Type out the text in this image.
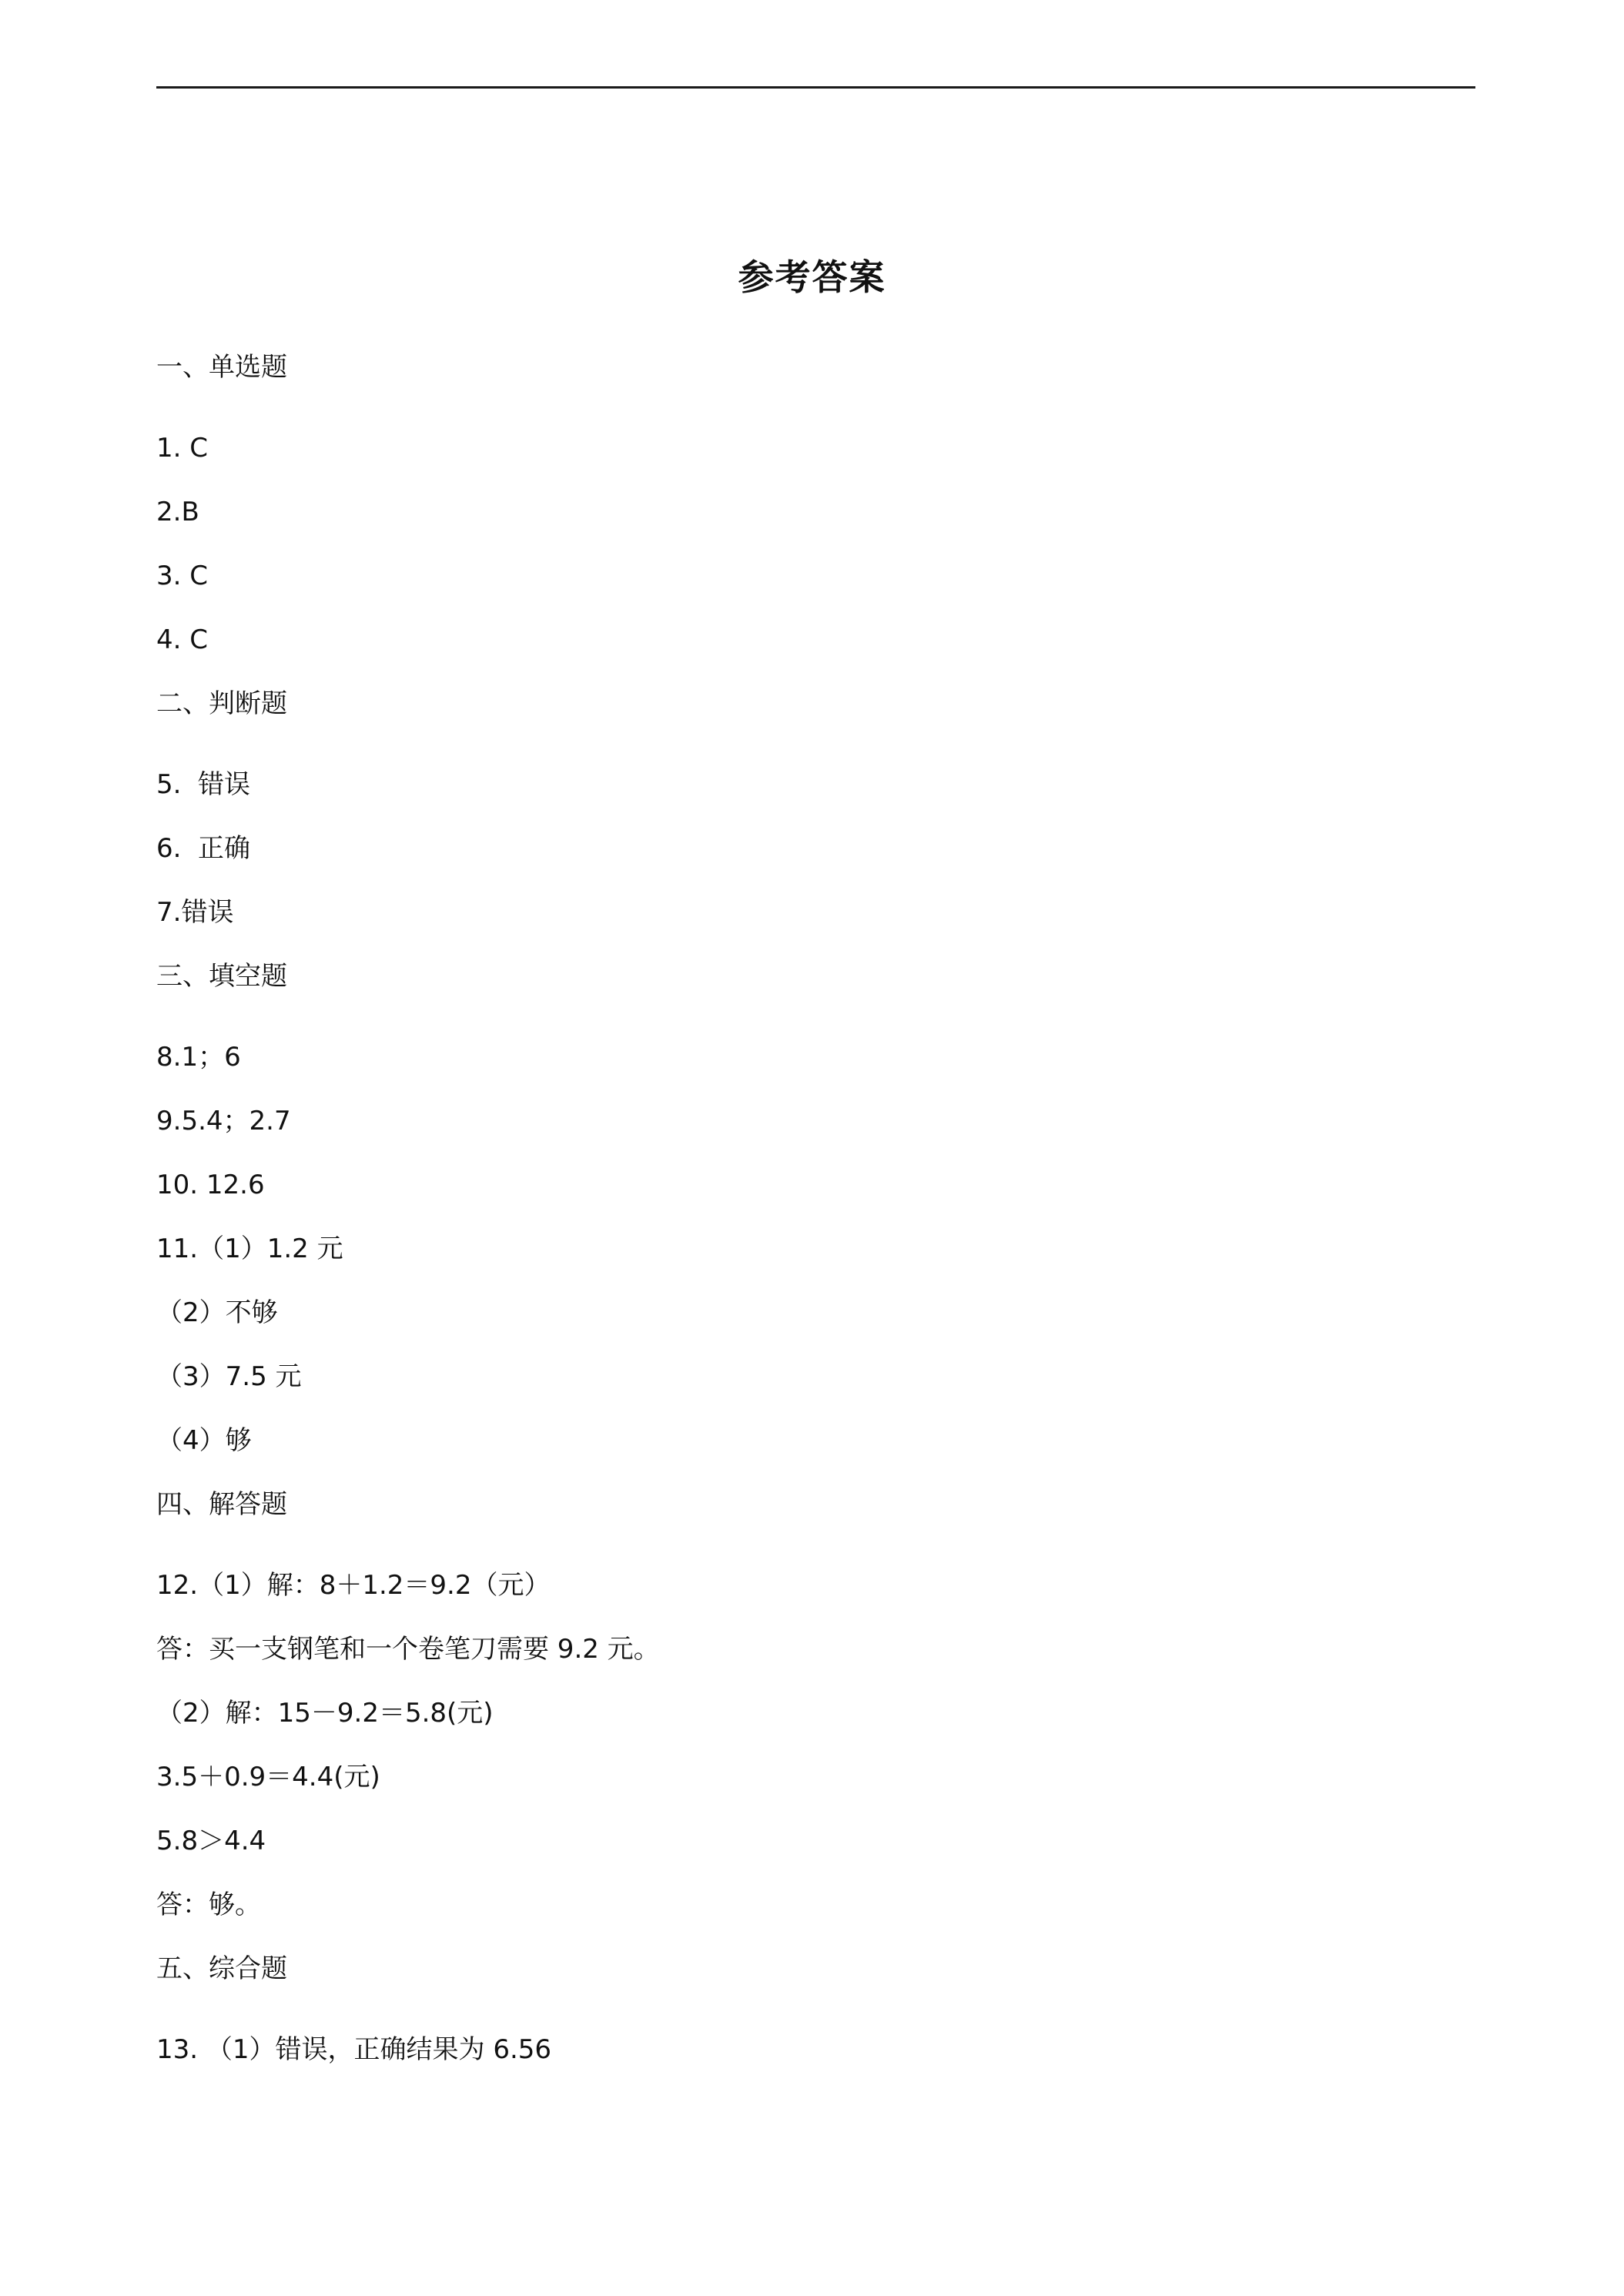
参考答案
一、单选题
1. C
2.B
3. C
4. C
二、判断题
5.  错误
6.  正确
7.错误
三、填空题
8.1；6
9.5.4；2.7
10. 12.6
11.（1）1.2 元
（2）不够
（3）7.5 元
（4）够
四、解答题
12.（1）解：8＋1.2＝9.2（元）
答：买一支钢笔和一个卷笔刀需要 9.2 元。
（2）解：15－9.2＝5.8(元)
3.5＋0.9＝4.4(元)
5.8＞4.4
答：够。
五、综合题
13. （1）错误，正确结果为 6.56
